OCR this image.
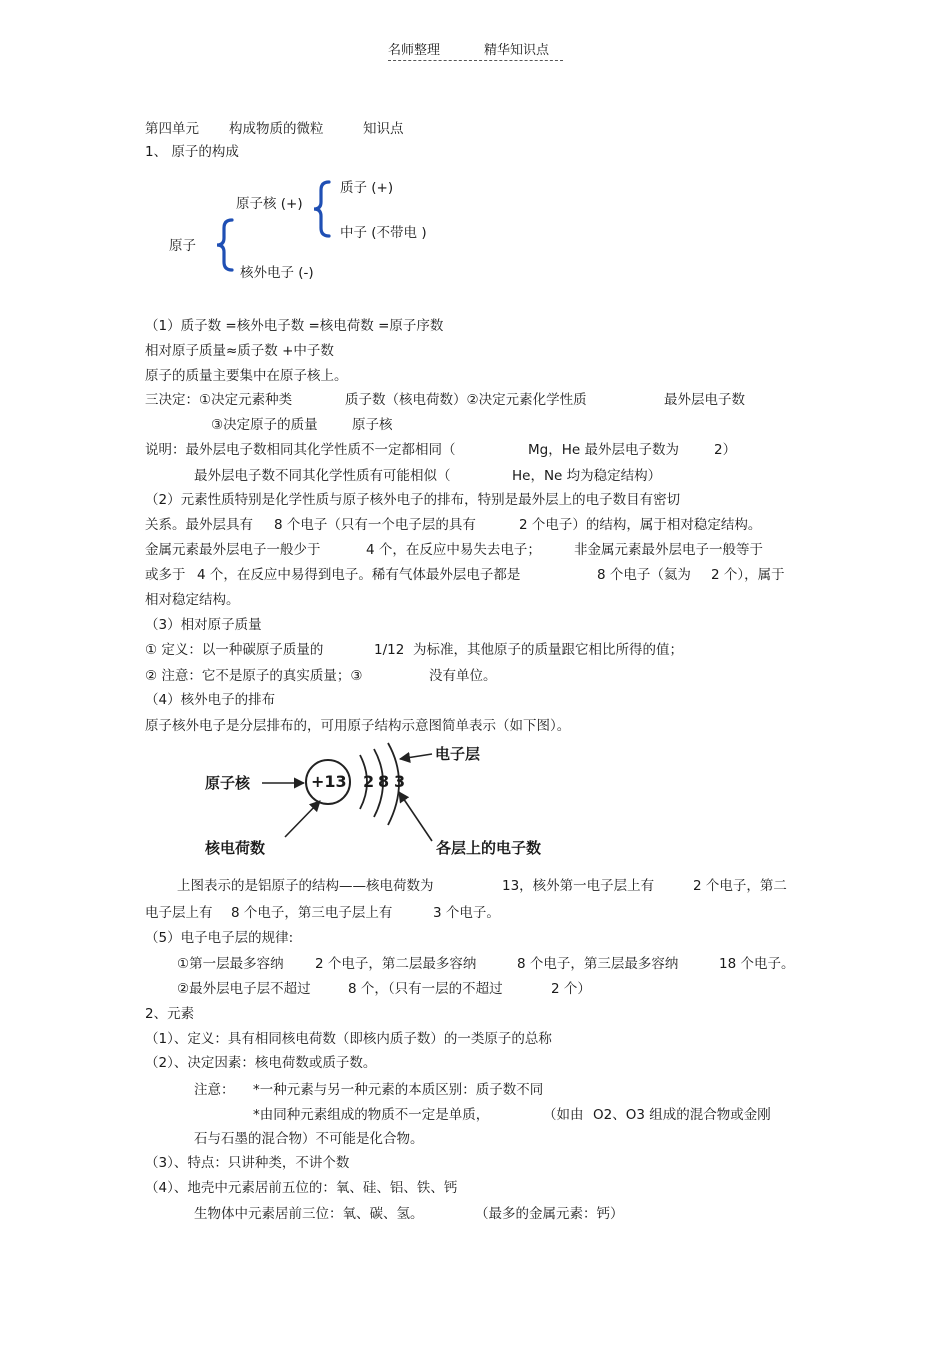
名师整理	精华知识点
第四单元 构成物质的微粒	知识点
1、 原子的构成
质子 (+)
原子核 (+)
中子 (不带电 )
原子
核外电子 (-)
（1）质子数 =核外电子数 =核电荷数 =原子序数
相对原子质量≈质子数 +中子数
原子的质量主要集中在原子核上。
三决定：①决定元素种类	质子数（核电荷数）②决定元素化学性质	最外层电子数
③决定原子的质量	原子核
说明：最外层电子数相同其化学性质不一定都相同（	Mg，He 最外层电子数为	2）
最外层电子数不同其化学性质有可能相似（	He，Ne 均为稳定结构）
（2）元素性质特别是化学性质与原子核外电子的排布，特别是最外层上的电子数目有密切
关系。最外层具有 8 个电子（只有一个电子层的具有	2 个电子）的结构，属于相对稳定结构。
金属元素最外层电子一般少于	4 个，在反应中易失去电子； 非金属元素最外层电子一般等于
或多于 4 个，在反应中易得到电子。稀有气体最外层电子都是	8 个电子（氦为 2 个），属于
相对稳定结构。
（3）相对原子质量
① 定义：以一种碳原子质量的	1/12 为标准，其他原子的质量跟它相比所得的值；
② 注意：它不是原子的真实质量；③	没有单位。
（4）核外电子的排布
原子核外电子是分层排布的，可用原子结构示意图简单表示（如下图）。
原子核	+13 2 8 3
电子层
核电荷数	各层上的电子数
上图表示的是铝原子的结构——核电荷数为	13，核外第一电子层上有	2 个电子，第二
电子层上有 8 个电子，第三电子层上有	3 个电子。
（5）电子电子层的规律:
①第一层最多容纳 2 个电子，第二层最多容纳	8 个电子，第三层最多容纳	18 个电子。
②最外层电子层不超过	8 个，（只有一层的不超过	2 个）
2、元素
（1）、定义：具有相同核电荷数（即核内质子数）的一类原子的总称
（2）、决定因素：核电荷数或质子数。
注意： *一种元素与另一种元素的本质区别：质子数不同
*由同种元素组成的物质不一定是单质，	（如由 O2、O3 组成的混合物或金刚
石与石墨的混合物）不可能是化合物。
（3）、特点：只讲种类，不讲个数
（4）、地壳中元素居前五位的：氧、硅、铝、铁、钙
生物体中元素居前三位：氧、碳、氢。	（最多的金属元素：钙）
